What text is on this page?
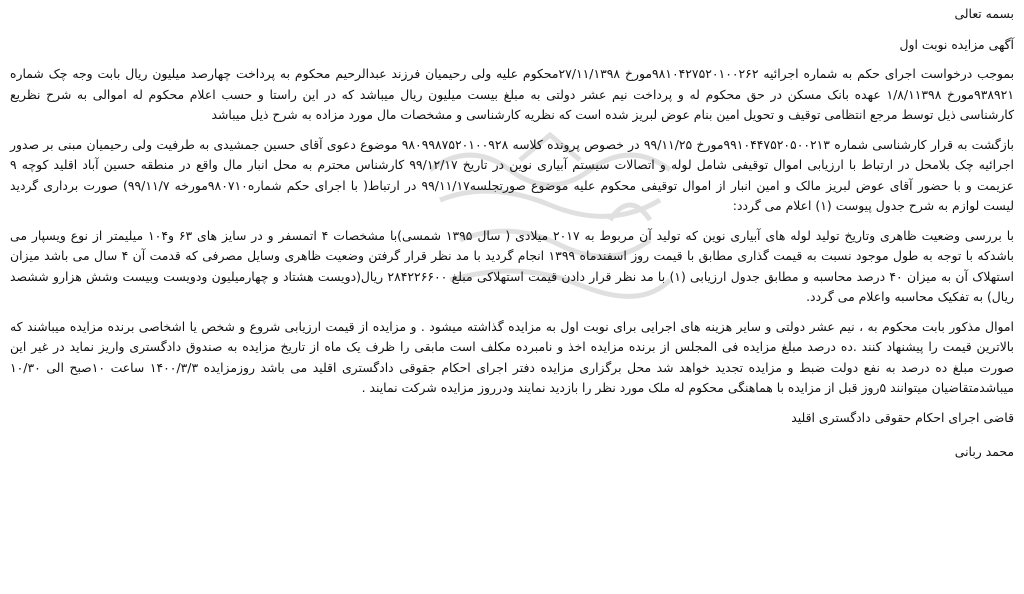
بسمه تعالی

آگهی مزایده نوبت اول

بموجب درخواست اجرای حکم به شماره اجرائیه ۹۸۱۰۴۲۷۵۲۰۱۰۰۲۶۲مورخ ۲۷/۱۱/۱۳۹۸محکوم علیه ولی رحیمیان فرزند عبدالرحیم محکوم به پرداخت چهارصد میلیون ریال بابت وجه چک شماره ۹۳۸۹۲۱مورخ ۱/۸/۱۱۳۹۸ عهده بانک مسکن در حق محکوم له و پرداخت نیم عشر دولتی به مبلغ بیست میلیون ریال میباشد که در این راستا و حسب اعلام محکوم له اموالی به شرح نظریع کارشناسی ذیل توسط مرجع انتظامی توقیف و تحویل امین بنام عوض لبریز شده است که نظریه کارشناسی و مشخصات مال مورد مزاده به شرح ذیل میباشد

بازگشت به قرار کارشناسی شماره ۹۹۱۰۴۴۷۵۲۰۵۰۰۲۱۳مورخ ۹۹/۱۱/۲۵ در خصوص پرونده کلاسه ۹۸۰۹۹۸۷۵۲۰۱۰۰۹۲۸ موضوع دعوی آقای حسین جمشیدی به طرفیت ولی رحیمیان مبنی بر صدور اجرائیه چک بلامحل در ارتباط با ارزیابی اموال توقیفی شامل لوله و اتصالات سیستم آبیاری نوین در تاریخ ۹۹/۱۲/۱۷ کارشناس محترم به محل انبار مال واقع در منطقه حسین آباد اقلید کوچه ۹ عزیمت و با حضور آقای عوض لبریز مالک و امین انبار از اموال توقیفی محکوم علیه موضوع صورتجلسه۹۹/۱۱/۱۷ در ارتباط( با اجرای حکم شماره۹۸۰۷۱۰مورخه ۹۹/۱۱/۷) صورت برداری گردید لیست لوازم به شرح جدول پیوست (۱) اعلام می گردد:

با بررسی وضعیت ظاهری وتاریخ تولید لوله های آبیاری نوین که تولید آن مربوط به ۲۰۱۷ میلادی ( سال ۱۳۹۵ شمسی)با مشخصات ۴ اتمسفر و در سایز های ۶۳ و۱۰۴ میلیمتر از نوع ویسپار می باشدکه با توجه به طول موجود نسبت به قیمت گذاری مطابق با قیمت روز اسفندماه ۱۳۹۹ انجام گردید با مد نظر قرار گرفتن وضعیت ظاهری وسایل مصرفی که قدمت آن ۴ سال می باشد میزان استهلاک آن به میزان ۴۰ درصد محاسبه و مطابق جدول ارزیابی (۱) با مد نظر قرار دادن قیمت استهلاکی مبلغ ۲۸۴۲۲۶۶۰۰ ریال(دویست هشتاد و چهارمیلیون ودویست وبیست وشش هزارو ششصد ریال) به تفکیک محاسبه واعلام می گردد.

اموال مذکور بابت محکوم به ، نیم عشر دولتی و سایر هزینه های اجرایی برای نوبت اول به مزایده گذاشته میشود . و مزایده از قیمت ارزیابی شروع و شخص یا اشخاصی برنده مزایده میباشند که بالاترین قیمت را پیشنهاد کنند .ده درصد مبلغ مزایده فی المجلس از برنده مزایده اخذ و نامبرده مکلف است مابقی را ظرف یک ماه از تاریخ مزایده به صندوق دادگستری واریز نماید در غیر این صورت مبلغ ده درصد به نفع دولت ضبط و مزایده تجدید خواهد شد محل برگزاری مزایده دفتر اجرای احکام جقوقی دادگستری اقلید می باشد روزمزایده ۱۴۰۰/۳/۳ ساعت ۱۰صبح الی ۱۰/۳۰ میباشدمتقاضیان میتوانند ۵روز قبل از مزایده با هماهنگی محکوم له ملک مورد نظر را بازدید نمایند ودرروز مزایده شرکت نمایند .

قاضی اجرای احکام حقوقی دادگستری اقلید

محمد ربانی
